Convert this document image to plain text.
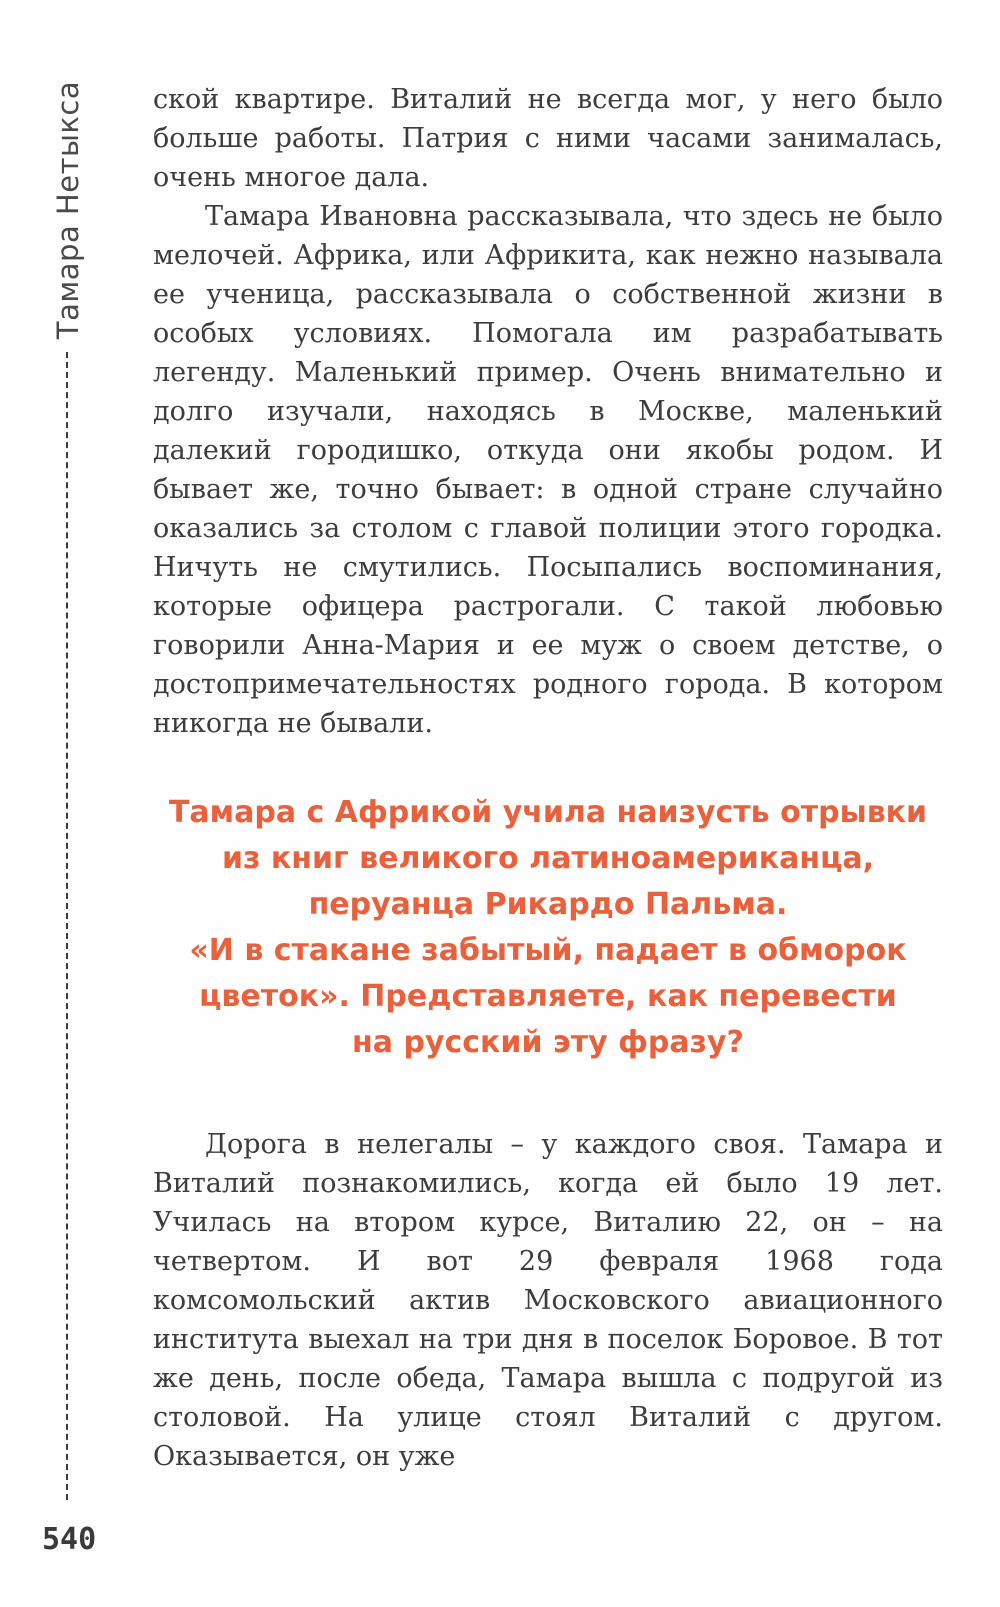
Тамара Нетыкса	ской квартире. Виталий не всегда мог, у него было больше работы. Патрия с ними часами занималась, очень многое дала.

Тамара Ивановна рассказывала, что здесь не было мелочей. Африка, или Африкита, как нежно называла ее ученица, рассказывала о собственной жизни в особых условиях. Помогала им разрабатывать легенду. Маленький пример. Очень внимательно и долго изучали, находясь в Москве, маленький далекий городишко, откуда они якобы родом. И бывает же, точно бывает: в одной стране случайно оказались за столом с главой полиции этого городка. Ничуть не смутились. Посыпались воспоминания, которые офицера растрогали. С такой любовью говорили Анна-Мария и ее муж о своем детстве, о достопримечательностях родного города. В котором никогда не бывали.

Тамара с Африкой учила наизусть отрывки
из книг великого латиноамериканца,
перуанца Рикардо Пальма.
«И в стакане забытый, падает в обморок
цветок». Представляете, как перевести
на русский эту фразу?

Дорога в нелегалы – у каждого своя. Тамара и Виталий познакомились, когда ей было 19 лет. Училась на втором курсе, Виталию 22, он – на четвертом. И вот 29 февраля 1968 года комсомольский актив Московского авиационного института выехал на три дня в поселок Боровое. В тот же день, после обеда, Тамара вышла с подругой из столовой. На улице стоял Виталий с другом. Оказывается, он уже

540
